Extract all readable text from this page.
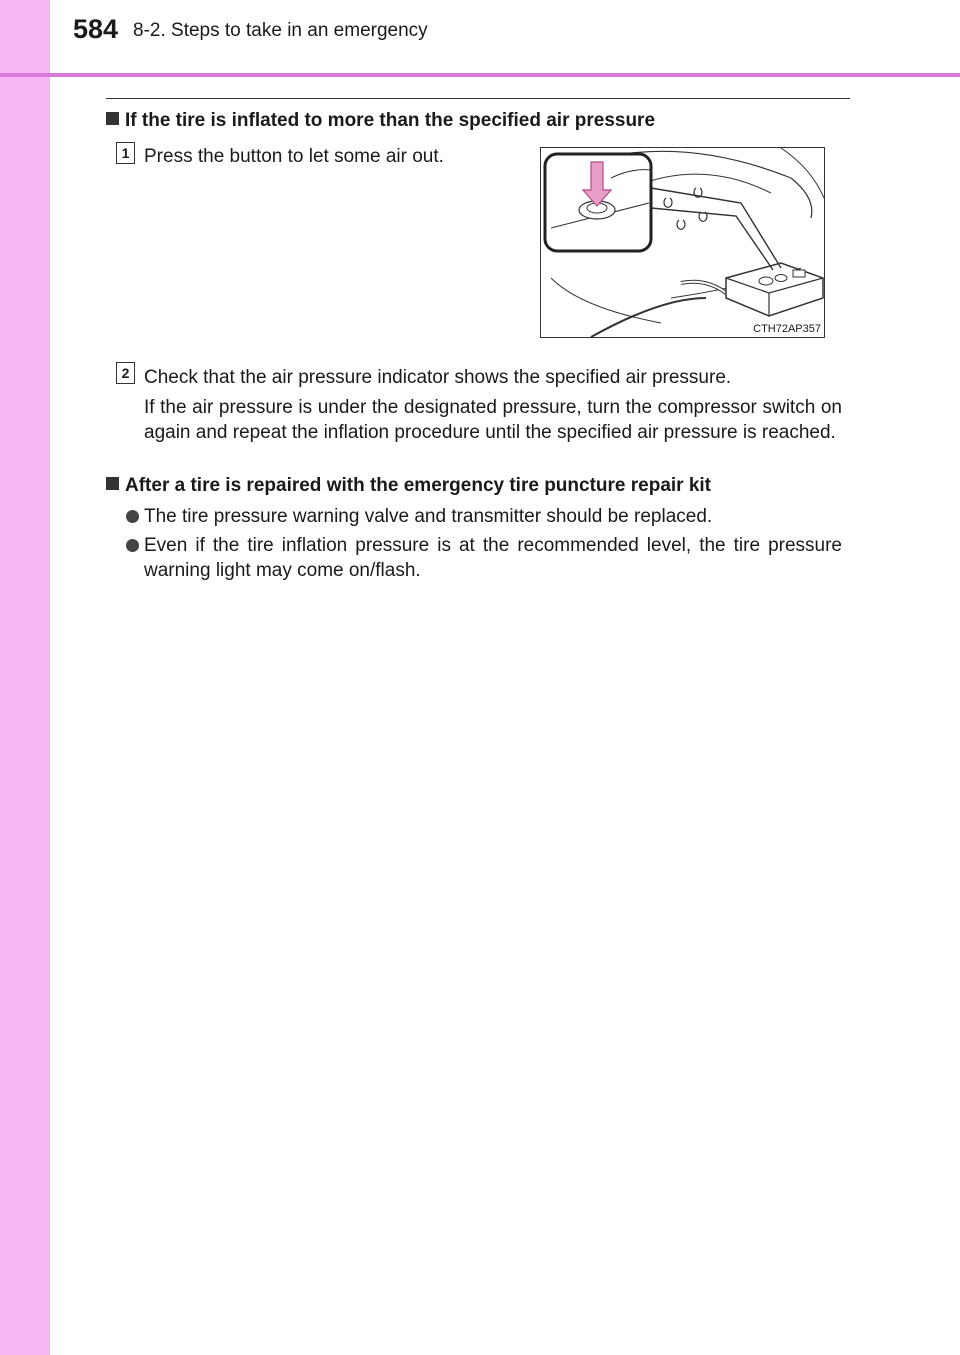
584 8-2. Steps to take in an emergency
If the tire is inflated to more than the specified air pressure
1 Press the button to let some air out.
CTH72AP357
2 Check that the air pressure indicator shows the specified air pressure.
If the air pressure is under the designated pressure, turn the compressor switch on again and repeat the inflation procedure until the specified air pressure is reached.
After a tire is repaired with the emergency tire puncture repair kit
The tire pressure warning valve and transmitter should be replaced.
Even if the tire inflation pressure is at the recommended level, the tire pressure warning light may come on/flash.
